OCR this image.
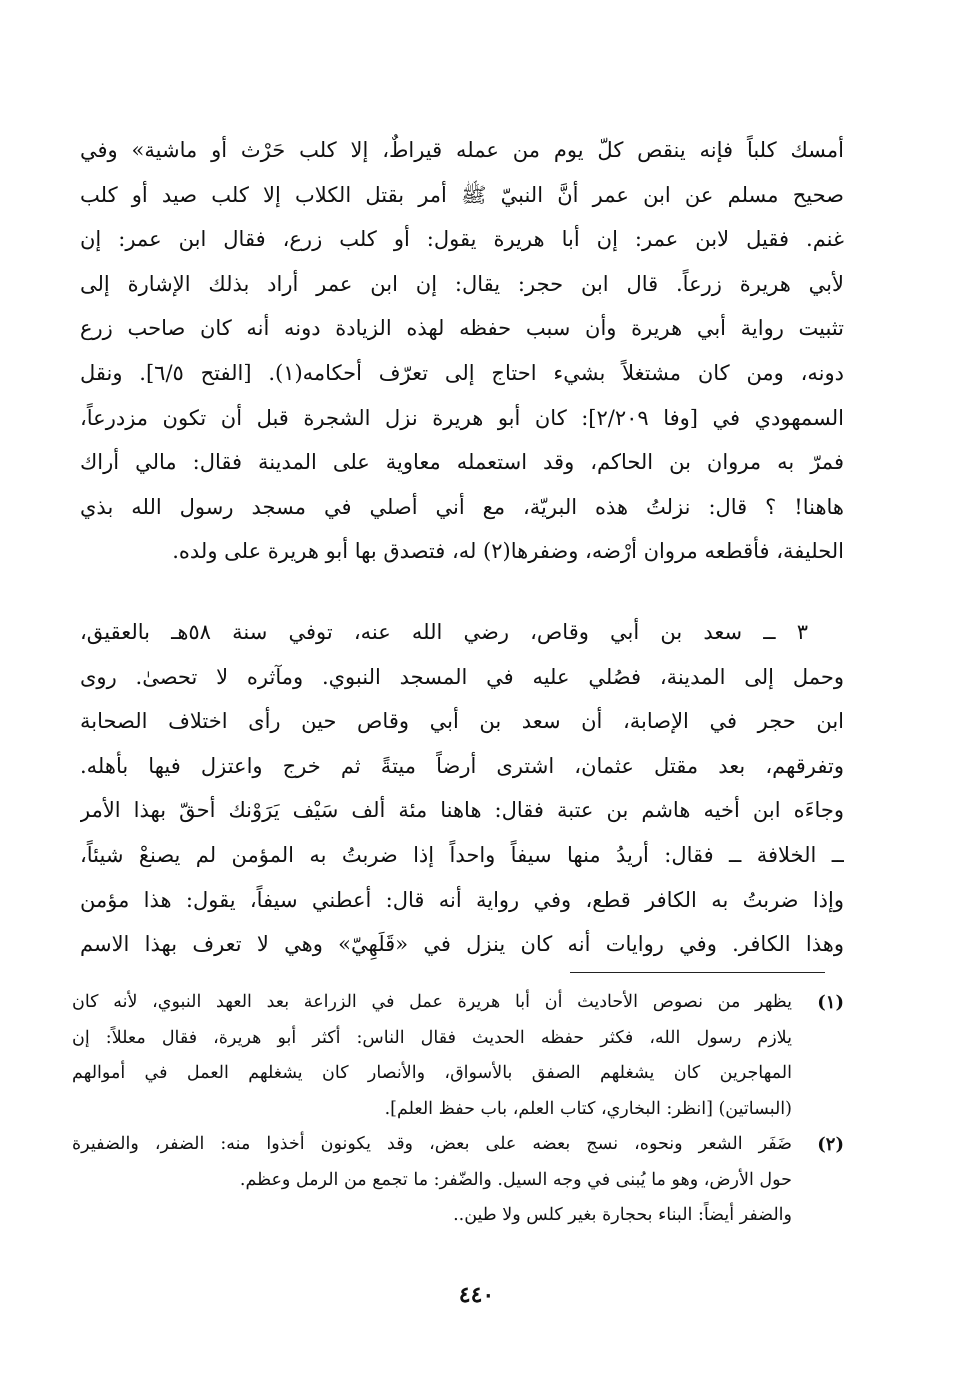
أمسك كلباً فإنه ينقص كلّ يوم من عمله قيراطٌ، إلا كلب حَرْث أو ماشية» وفي
صحيح مسلم عن ابن عمر أنَّ النبيّ ﷺ أمر بقتل الكلاب إلا كلب صيد أو كلب
غنم. فقيل لابن عمر: إن أبا هريرة يقول: أو كلب زرع، فقال ابن عمر: إن
لأبي هريرة زرعاً. قال ابن حجر: يقال: إن ابن عمر أراد بذلك الإشارة إلى
تثبيت رواية أبي هريرة وأن سبب حفظه لهذه الزيادة دونه أنه كان صاحب زرع
دونه، ومن كان مشتغلاً بشيء احتاج إلى تعرّف أحكامه(١). [الفتح ٦/٥]. ونقل
السمهودي في [وفا ٢/٢٠٩]: كان أبو هريرة نزل الشجرة قبل أن تكون مزدرعاً،
فمرّ به مروان بن الحاكم، وقد استعمله معاوية على المدينة فقال: مالي أراك
هاهنا! ؟ قال: نزلتُ هذه البريّة، مع أني أصلي في مسجد رسول الله بذي
الحليفة، فأقطعه مروان أرْضه، وضفرها(٢) له، فتصدق بها أبو هريرة على ولده.
٣ ــ سعد بن أبي وقاص، رضي الله عنه، توفي سنة ٥٨هـ بالعقيق،
وحمل إلى المدينة، فصُلي عليه في المسجد النبوي. ومآثره لا تحصىٰ. روى
ابن حجر في الإصابة، أن سعد بن أبي وقاص حين رأى اختلاف الصحابة
وتفرقهم، بعد مقتل عثمان، اشترى أرضاً ميتةً ثم خرج واعتزل فيها بأهله.
وجاءَه ابن أخيه هاشم بن عتبة فقال: هاهنا مئة ألف سَيْف يَرَوْنك أحقّ بهذا الأمر
ــ الخلافة ــ فقال: أريدُ منها سيفاً واحداً إذا ضربتُ به المؤمن لم يصنعْ شيئاً،
وإذا ضربتُ به الكافر قطع، وفي رواية أنه قال: أعطني سيفاً، يقول: هذا مؤمن
وهذا الكافر. وفي روايات أنه كان ينزل في «قَلَهِيّ» وهي لا تعرف بهذا الاسم
(١)
يظهر من نصوص الأحاديث أن أبا هريرة عمل في الزراعة بعد العهد النبوي، لأنه كان
يلازم رسول الله، فكثر حفظه الحديث فقال الناس: أكثر أبو هريرة، فقال معللاً: إن
المهاجرين كان يشغلهم الصفق بالأسواق، والأنصار كان يشغلهم العمل في أموالهم
(البساتين) [انظر: البخاري، كتاب العلم، باب حفظ العلم].
(٢)
ضَفَر الشعر ونحوه، نسج بعضه على بعض، وقد يكونون أخذوا منه: الضفر، والضفيرة
حول الأرض، وهو ما يُبنى في وجه السيل. والضّفر: ما تجمع من الرمل وعظم.
والضفر أيضاً: البناء بحجارة بغير كلس ولا طين..
٤٤٠
